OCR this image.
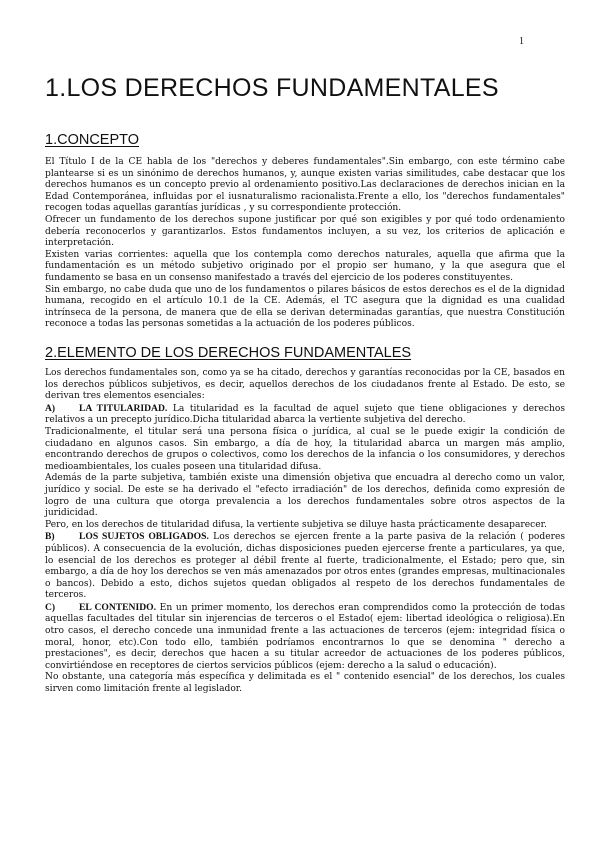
1
1.LOS DERECHOS FUNDAMENTALES
1.CONCEPTO

El Título I de la CE habla de los "derechos y deberes fundamentales".Sin embargo, con este término cabe plantearse si es un sinónimo de derechos humanos, y, aunque existen varias similitudes, cabe destacar que los derechos humanos es un concepto previo al ordenamiento positivo.Las declaraciones de derechos inician en la Edad Contemporánea, influidas por el iusnaturalismo racionalista.Frente a ello, los "derechos fundamentales" recogen todas aquellas garantías jurídicas , y su correspondiente protección.

Ofrecer un fundamento de los derechos supone justificar por qué son exigibles y por qué todo ordenamiento debería reconocerlos y garantizarlos. Estos fundamentos incluyen, a su vez, los criterios de aplicación e interpretación.

Existen varias corrientes: aquella que los contempla como derechos naturales, aquella que afirma que la fundamentación es un método subjetivo originado por el propio ser humano, y la que asegura que el fundamento se basa en un consenso manifestado a través del ejercicio de los poderes constituyentes.

Sin embargo, no cabe duda que uno de los fundamentos o pilares básicos de estos derechos es el de la dignidad humana, recogido en el artículo 10.1 de la CE. Además, el TC asegura que la dignidad es una cualidad intrínseca de la persona, de manera que de ella se derivan determinadas garantías, que nuestra Constitución reconoce a todas las personas sometidas a la actuación de los poderes públicos.

2.ELEMENTO DE LOS DERECHOS FUNDAMENTALES

Los derechos fundamentales son, como ya se ha citado, derechos y garantías reconocidas por la CE, basados en los derechos públicos subjetivos, es decir, aquellos derechos de los ciudadanos frente al Estado. De esto, se derivan tres elementos esenciales:

A) LA TITULARIDAD. La titularidad es la facultad de aquel sujeto que tiene obligaciones y derechos relativos a un precepto jurídico.Dicha titularidad abarca la vertiente subjetiva del derecho.

Tradicionalmente, el titular será una persona física o jurídica, al cual se le puede exigir la condición de ciudadano en algunos casos. Sin embargo, a día de hoy, la titularidad abarca un margen más amplio, encontrando derechos de grupos o colectivos, como los derechos de la infancia o los consumidores, y derechos medioambientales, los cuales poseen una titularidad difusa.

Además de la parte subjetiva, también existe una dimensión objetiva que encuadra al derecho como un valor, jurídico y social. De este se ha derivado el "efecto irradiación" de los derechos, definida como expresión de logro de una cultura que otorga prevalencia a los derechos fundamentales sobre otros aspectos de la juridicidad.

Pero, en los derechos de titularidad difusa, la vertiente subjetiva se diluye hasta prácticamente desaparecer.

B)	LOS SUJETOS OBLIGADOS. Los derechos se ejercen frente a la parte pasiva de la relación ( poderes públicos). A consecuencia de la evolución, dichas disposiciones pueden ejercerse frente a particulares, ya que, lo esencial de los derechos es proteger al débil frente al fuerte, tradicionalmente, el Estado; pero que, sin embargo, a día de hoy los derechos se ven más amenazados por otros entes (grandes empresas, multinacionales o bancos). Debido a esto, dichos sujetos quedan obligados al respeto de los derechos fundamentales de terceros.

C) EL CONTENIDO. En un primer momento, los derechos eran comprendidos como la protección de todas aquellas facultades del titular sin injerencias de terceros o el Estado( ejem: libertad ideológica o religiosa).En otro casos, el derecho concede una inmunidad frente a las actuaciones de terceros (ejem: integridad física o moral, honor, etc).Con todo ello, también podríamos encontrarnos lo que se denomina " derecho a prestaciones", es decir, derechos que hacen a su titular acreedor de actuaciones de los poderes públicos, convirtiéndose en receptores de ciertos servicios públicos (ejem: derecho a la salud o educación).

No obstante, una categoría más específica y delimitada es el " contenido esencial" de los derechos, los cuales sirven como limitación frente al legislador.
